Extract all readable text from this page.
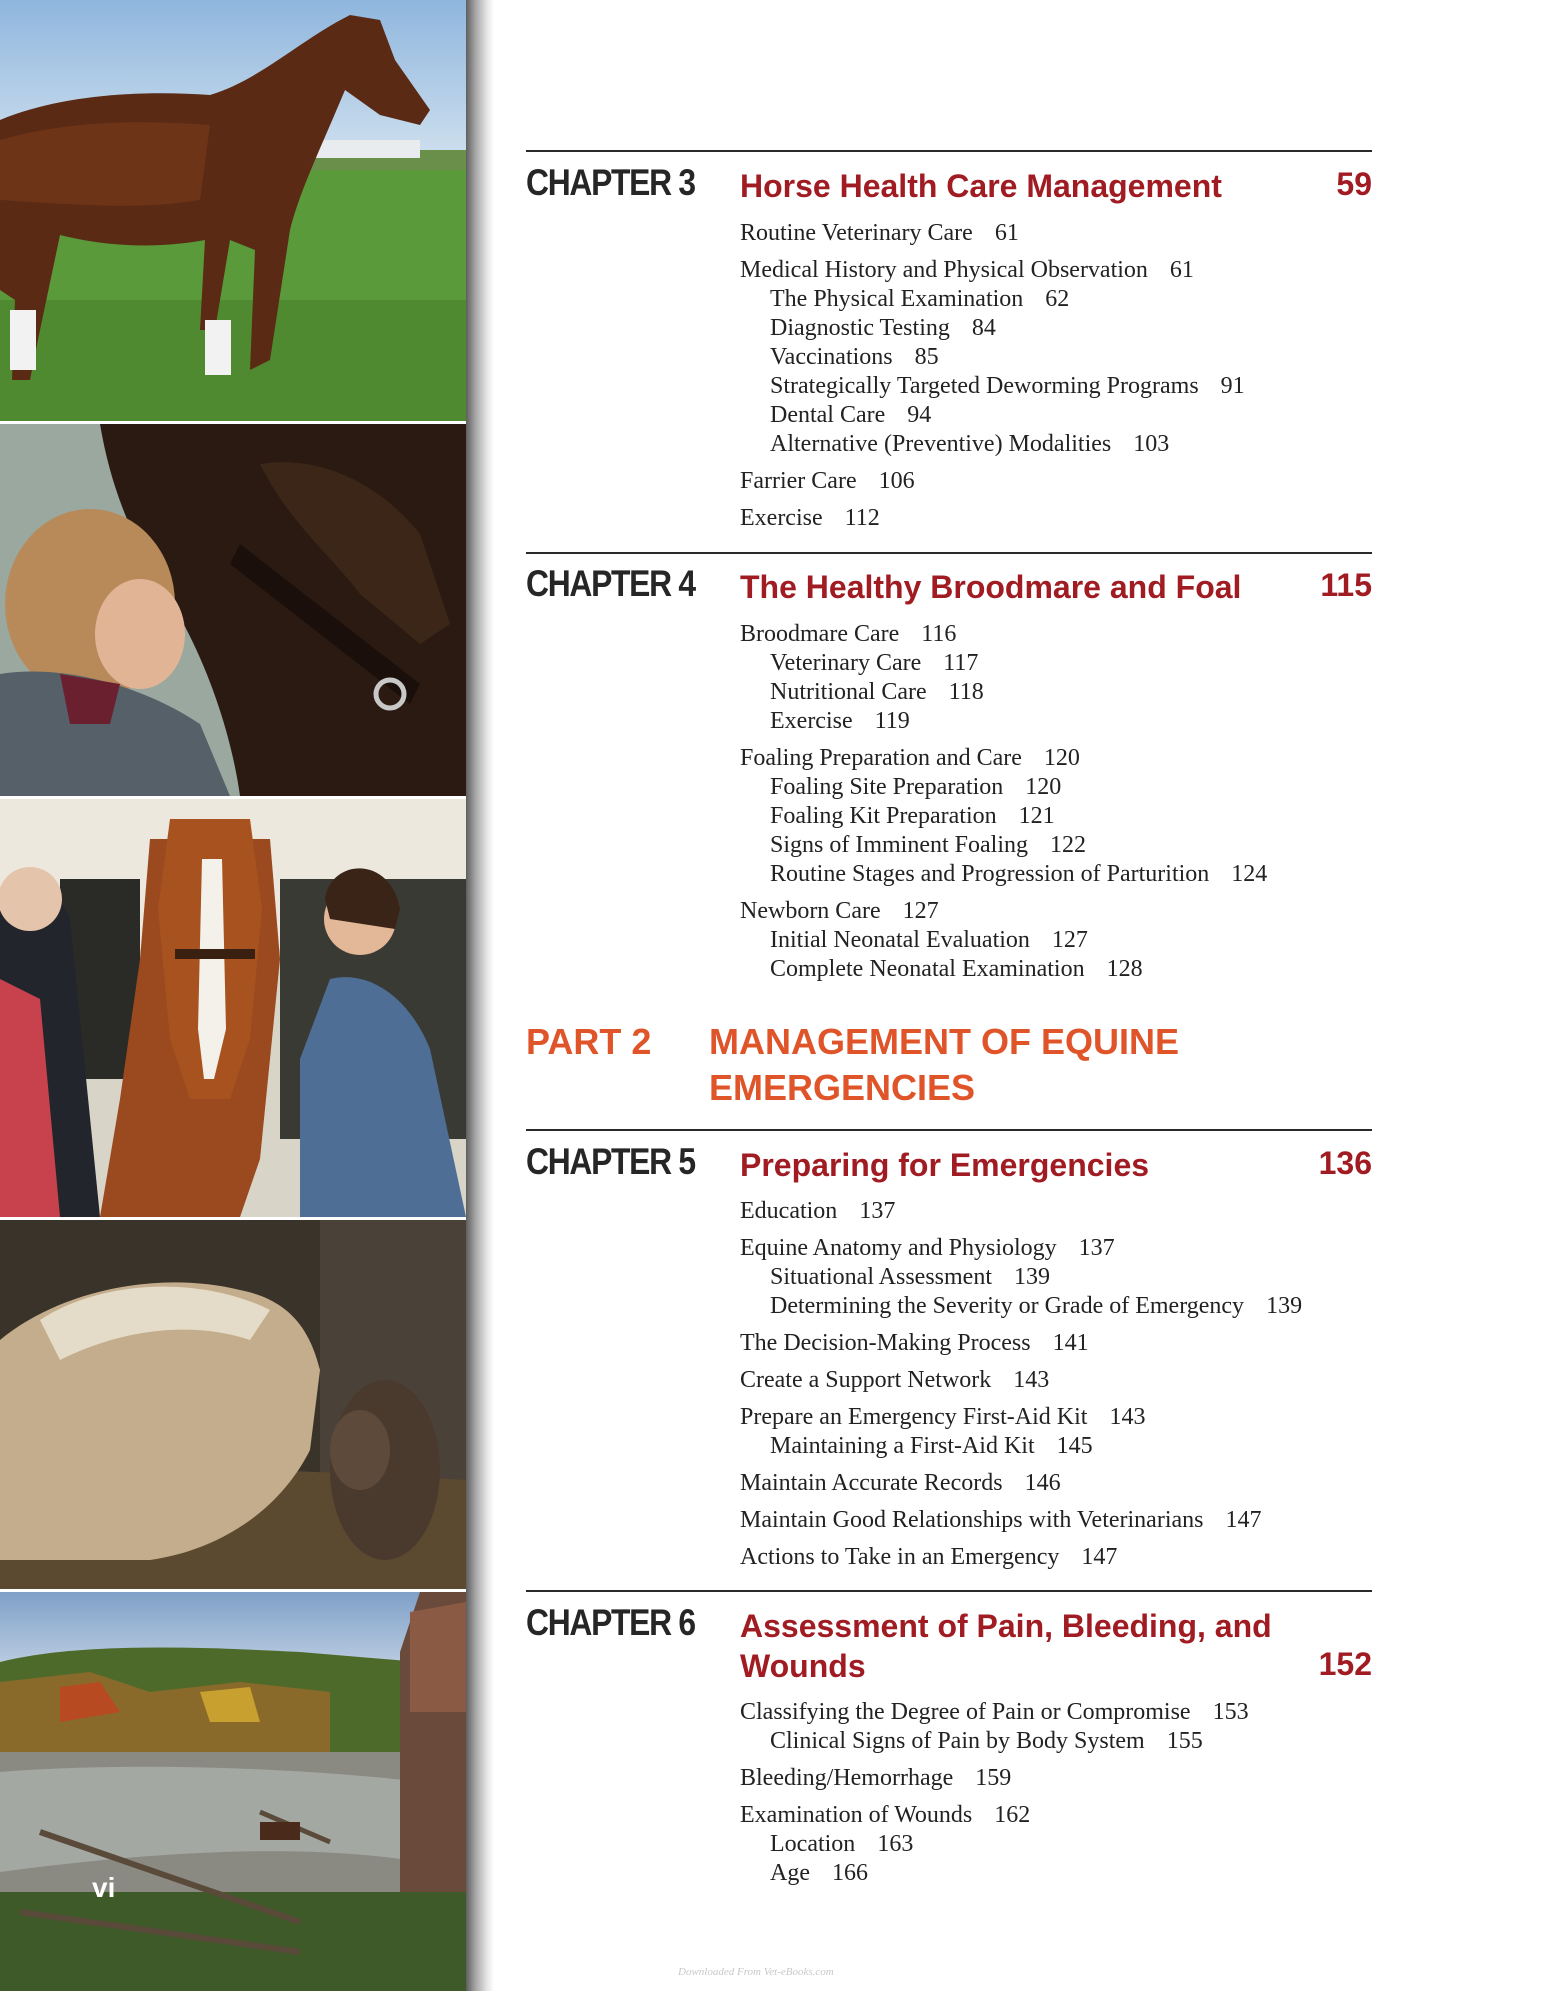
vi
CHAPTER 3 Horse Health Care Management	59
Routine Veterinary Care 61
Medical History and Physical Observation 61
The Physical Examination 62
Diagnostic Testing 84
Vaccinations 85
Strategically Targeted Deworming Programs 91
Dental Care 94
Alternative (Preventive) Modalities 103
Farrier Care 106
Exercise 112
CHAPTER 4 The Healthy Broodmare and Foal	115
Broodmare Care 116
Veterinary Care 117
Nutritional Care 118
Exercise 119
Foaling Preparation and Care 120
Foaling Site Preparation 120
Foaling Kit Preparation 121
Signs of Imminent Foaling 122
Routine Stages and Progression of Parturition 124
Newborn Care 127
Initial Neonatal Evaluation 127
Complete Neonatal Examination 128
PART 2 MANAGEMENT OF EQUINE
EMERGENCIES
CHAPTER 5 Preparing for Emergencies	136
Education 137
Equine Anatomy and Physiology 137
Situational Assessment 139
Determining the Severity or Grade of Emergency 139
The Decision-Making Process 141
Create a Support Network 143
Prepare an Emergency First-Aid Kit 143
Maintaining a First-Aid Kit 145
Maintain Accurate Records 146
Maintain Good Relationships with Veterinarians 147
Actions to Take in an Emergency 147
CHAPTER 6 Assessment of Pain, Bleeding, and
Wounds	152
Classifying the Degree of Pain or Compromise 153
Clinical Signs of Pain by Body System 155
Bleeding/Hemorrhage 159
Examination of Wounds 162
Location 163
Age 166
Downloaded From Vet-eBooks.com
